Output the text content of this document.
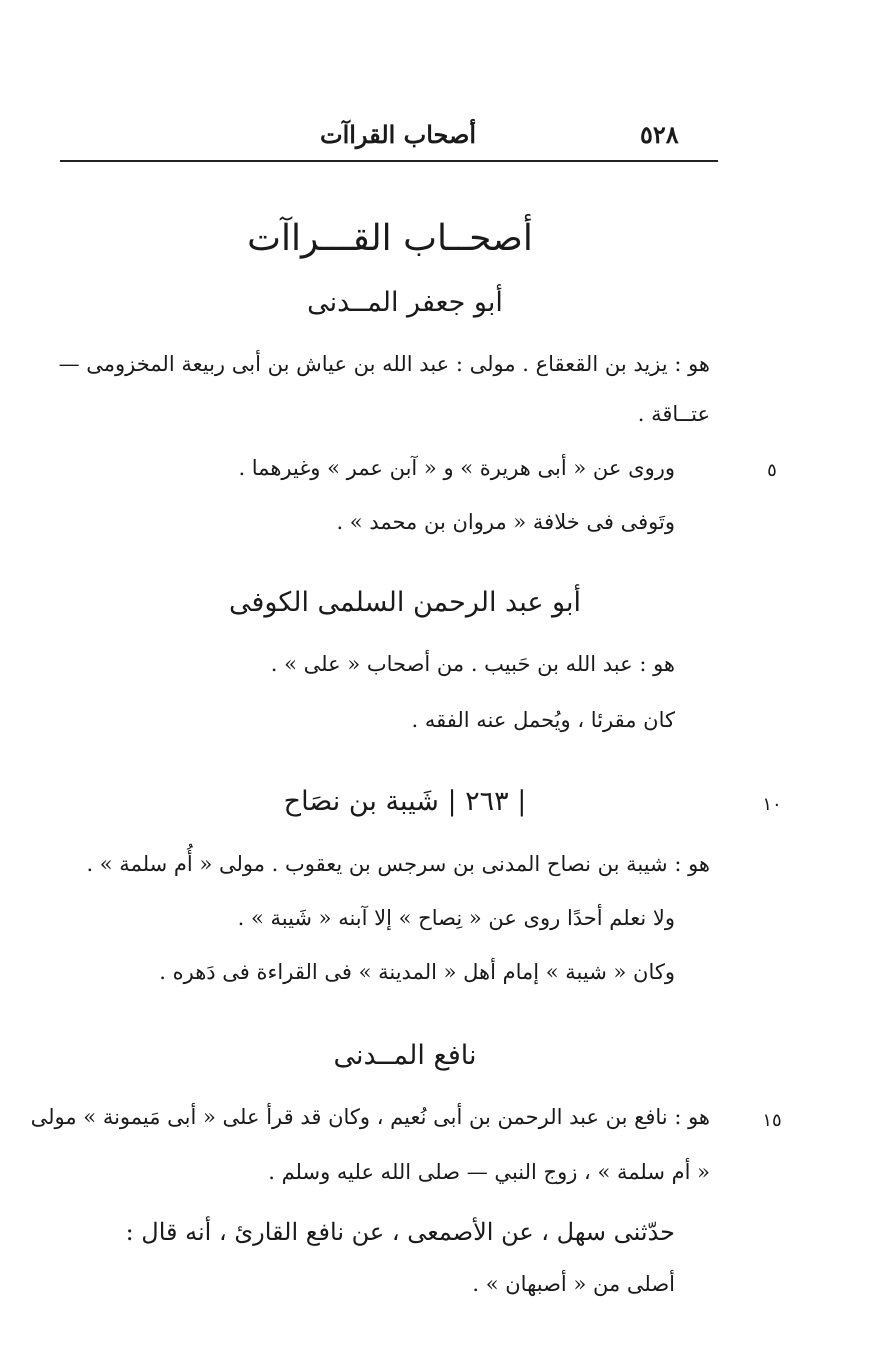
٥٢٨
أصحاب القراآت
أصحــاب القـــراآت
أبو جعفر المــدنى
هو : يزيد بن القعقاع . مولى : عبد الله بن عياش بن أبى ربيعة المخزومى —
عتــاقة .
وروى عن « أبى هريرة » و « آبن عمر » وغيرهما .	٥
وتَوفى فى خلافة « مروان بن محمد » .
أبو عبد الرحمن السلمى الكوفى
هو : عبد الله بن حَبيب . من أصحاب « على » .
كان مقرئا ، ويُحمل عنه الفقه .
| ٢٦٣ | شَيبة بن نصَاح	١٠
هو : شيبة بن نصاح المدنى بن سرجس بن يعقوب . مولى « أُم سلمة » .
ولا نعلم أحدًا روى عن « نِصاح » إلا آبنه « شَيبة » .
وكان « شيبة » إمام أهل « المدينة » فى القراءة فى دَهره .
نافع المــدنى
هو : نافع بن عبد الرحمن بن أبى نُعيم ، وكان قد قرأ على « أبى مَيمونة » مولى	١٥
« أم سلمة » ، زوج النبي — صلى الله عليه وسلم .
حدّثنى سهل ، عن الأصمعى ، عن نافع القارئ ، أنه قال :
أصلى من « أصبهان » .
